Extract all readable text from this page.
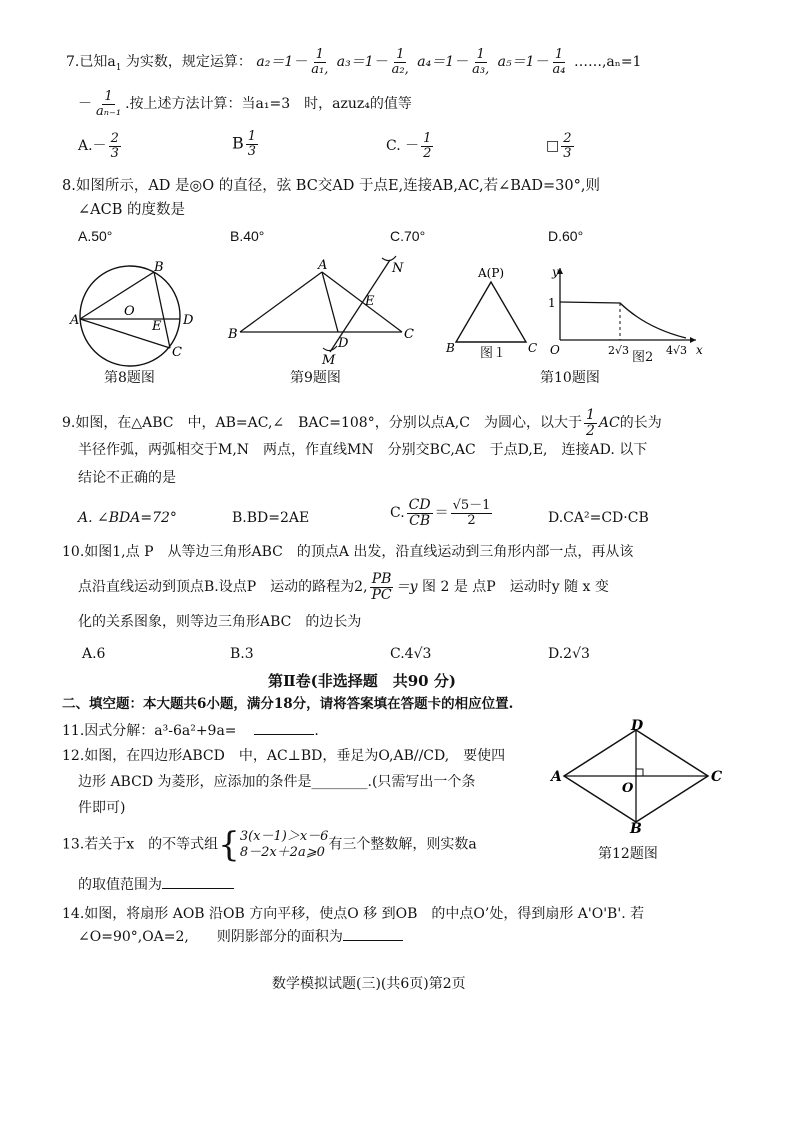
7.已知$a_1$ 为实数，规定运算： $a_2=1- \frac{1}{\text{a₁,}} a_3=1- \frac{1}{\text{a₂,}} a_4=1- \frac{1}{\text{a₃,}} a_5=1- \frac{1}{\text{a₄}}$ ……,aₙ=1
－ $\frac{1}{\text{aₙ₋₁}}$ .按上述方法计算：当a₁=3　时，azuz₄的值等
$A.- \frac{2}{3}$	B $\frac{1}{3}$	C. － $\frac{1}{2}$	□ $\frac{2}{3}$
8.如图所示，AD 是◎O 的直径，弦 BC交AD 于点E,连接AB,AC,若∠BAD=30°,则
∠ACB 的度数是
A.50°	B.40°	C.70°	D.60°
A
B
O
E D
C
第8题图
A
B	C
D
E
M
N
第9题图
A(P)
B	C
图１
y
x
1
O	2√3	4√3
图2
第10题图
9.如图，在△ABC　中，AB=AC,∠　BAC=108°，分别以点A,C　为圆心，以大于 $\frac{1}{2}$ AC的长为
半径作弧，两弧相交于M,N　两点，作直线MN　分别交BC,AC　于点D,E,　连接AD. 以下
结论不正确的是
A. ∠BDA=72°	B.BD=2AE	C. $\frac{CD}{CB} = \frac{√5-1}{2}$	D.CA²=CD·CB
10.如图1,点 P　从等边三角形ABC　的顶点A 出发，沿直线运动到三角形内部一点，再从该
点沿直线运动到顶点B.设点P　运动的路程为2, $\frac{PB}{PC} =y$ 图 2 是 点P　运动时y 随 x 变
化的关系图象，则等边三角形ABC　的边长为
A.6	B.3	C.4√3	D.2√3
第Ⅱ卷(非选择题　共90 分)
二、填空题：本大题共6小题，满分18分，请将答案填在答题卡的相应位置.
11.因式分解：a³-6a²+9a=	.
12.如图，在四边形ABCD　中，AC⊥BD，垂足为O,AB//CD,　要使四
边形 ABCD 为菱形，应添加的条件是________.(只需写出一个条
件即可)
A	C
D
B
O
第12题图
13.若关于x　的不等式组{ 3(x－1)＞x－6
8－2x＋2a⩾0 有三个整数解，则实数a
的取值范围为
14.如图，将扇形 AOB 沿OB 方向平移，使点O 移 到OB　的中点O’处，得到扇形 A'O'B'. 若
∠O=90°,OA=2,　　则阴影部分的面积为
数学模拟试题(三)(共6页)第2页
